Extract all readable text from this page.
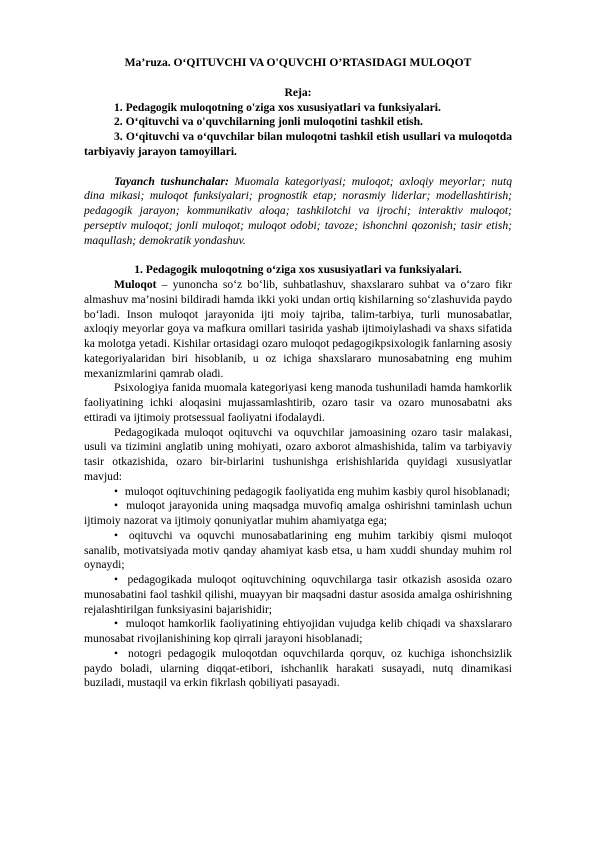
Ma’ruza. O‘QITUVCHI VA O'QUVCHI O’RTASIDAGI MULOQOT
Reja:

1. Pedagogik muloqotning o'ziga xos xususiyatlari va funksiyalari.

2. O‘qituvchi va o'quvchilarning jonli muloqotini tashkil etish.

3. O‘qituvchi va o‘quvchilar bilan muloqotni tashkil etish usullari va muloqotda tarbiyaviy jarayon tamoyillari.

Tayanch tushunchalar: Muomala kategoriyasi; muloqot; axloqiy meyorlar; nutq dina mikasi; muloqot funksiyalari; prognostik etap; norasmiy liderlar; modellashtirish; pedagogik jarayon; kommunikativ aloqa; tashkilotchi va ijrochi; interaktiv muloqot; perseptiv muloqot; jonli muloqot; muloqot odobi; tavoze; ishonchni qozonish; tasir etish; maqullash; demokratik yondashuv.

1. Pedagogik muloqotning o‘ziga xos xususiyatlari va funksiyalari.

Muloqot – yunoncha so‘z bo‘lib, suhbatlashuv, shaxslararo suhbat va o‘zaro fikr almashuv ma’nosini bildiradi hamda ikki yoki undan ortiq kishilarning so‘zlashuvida paydo bo‘ladi. Inson muloqot jarayonida ijti moiy tajriba, talim-tarbiya, turli munosabatlar, axloqiy meyorlar goya va mafkura omillari tasirida yashab ijtimoiylashadi va shaxs sifatida ka molotga yetadi. Kishilar ortasidagi ozaro muloqot pedagogikpsixologik fanlarning asosiy kategoriyalaridan biri hisoblanib, u oz ichiga shaxslararo munosabatning eng muhim mexanizmlarini qamrab oladi.

Psixologiya fanida muomala kategoriyasi keng manoda tushuniladi hamda hamkorlik faoliyatining ichki aloqasini mujassamlashtirib, ozaro tasir va ozaro munosabatni aks ettiradi va ijtimoiy protsessual faoliyatni ifodalaydi.

Pedagogikada muloqot oqituvchi va oquvchilar jamoasining ozaro tasir malakasi, usuli va tizimini anglatib uning mohiyati, ozaro axborot almashishida, talim va tarbiyaviy tasir otkazishida, ozaro bir-birlarini tushunishga erishishlarida quyidagi xususiyatlar mavjud:

• muloqot oqituvchining pedagogik faoliyatida eng muhim kasbiy qurol hisoblanadi;

• muloqot jarayonida uning maqsadga muvofiq amalga oshirishni taminlash uchun ijtimoiy nazorat va ijtimoiy qonuniyatlar muhim ahamiyatga ega;

• oqituvchi va oquvchi munosabatlarining eng muhim tarkibiy qismi muloqot sanalib, motivatsiyada motiv qanday ahamiyat kasb etsa, u ham xuddi shunday muhim rol oynaydi;

• pedagogikada muloqot oqituvchining oquvchilarga tasir otkazish asosida ozaro munosabatini faol tashkil qilishi, muayyan bir maqsadni dastur asosida amalga oshirishning rejalashtirilgan funksiyasini bajarishidir;

• muloqot hamkorlik faoliyatining ehtiyojidan vujudga kelib chiqadi va shaxslararo munosabat rivojlanishining kop qirrali jarayoni hisoblanadi;

• notogri pedagogik muloqotdan oquvchilarda qorquv, oz kuchiga ishonchsizlik paydo boladi, ularning diqqat-etibori, ishchanlik harakati susayadi, nutq dinamikasi buziladi, mustaqil va erkin fikrlash qobiliyati pasayadi.
